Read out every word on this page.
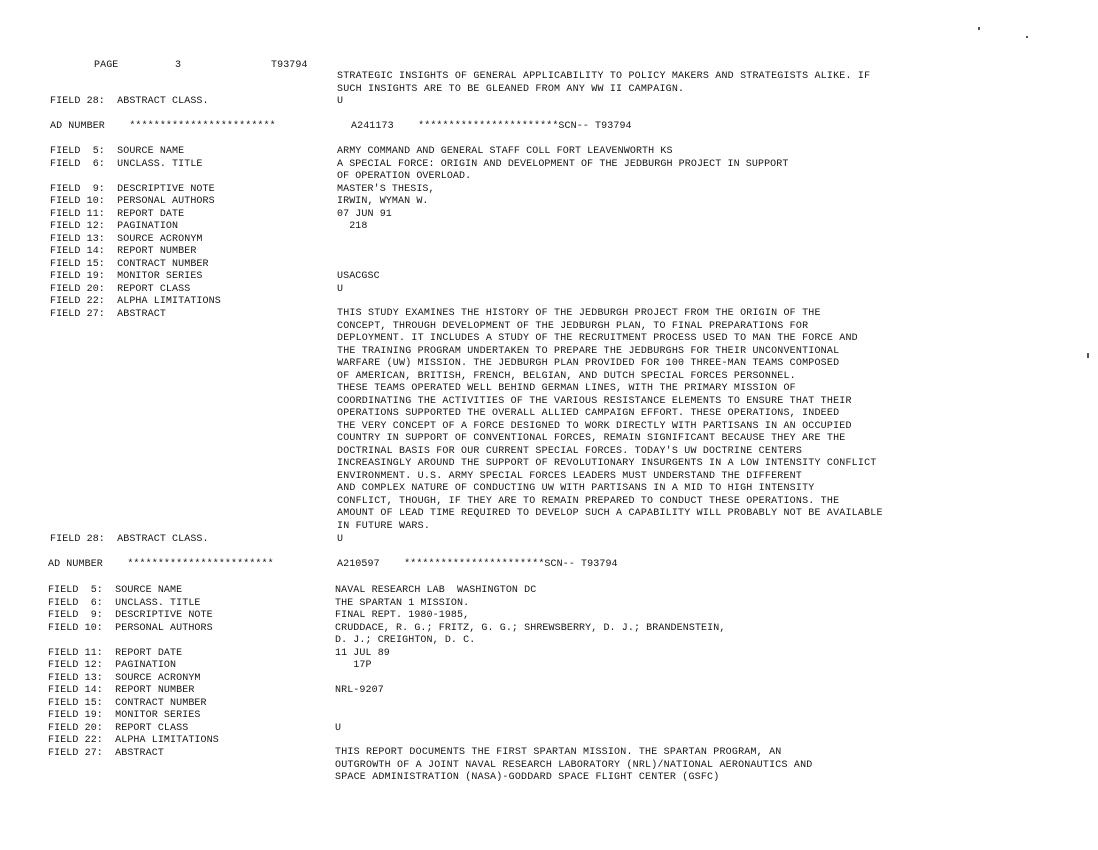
PAGE	3	T93794
STRATEGIC INSIGHTS OF GENERAL APPLICABILITY TO POLICY MAKERS AND STRATEGISTS ALIKE. IF
SUCH INSIGHTS ARE TO BE GLEANED FROM ANY WW II CAMPAIGN.
FIELD 28:  ABSTRACT CLASS.	U
AD NUMBER    ************************	A241173    ***********************SCN-- T93794
FIELD  5:  SOURCE NAME	ARMY COMMAND AND GENERAL STAFF COLL FORT LEAVENWORTH KS
FIELD  6:  UNCLASS. TITLE	A SPECIAL FORCE: ORIGIN AND DEVELOPMENT OF THE JEDBURGH PROJECT IN SUPPORT
OF OPERATION OVERLOAD.
FIELD  9:  DESCRIPTIVE NOTE	MASTER'S THESIS,
FIELD 10:  PERSONAL AUTHORS	IRWIN, WYMAN W.
FIELD 11:  REPORT DATE	07 JUN 91
FIELD 12:  PAGINATION	218
FIELD 13:  SOURCE ACRONYM
FIELD 14:  REPORT NUMBER
FIELD 15:  CONTRACT NUMBER
FIELD 19:  MONITOR SERIES	USACGSC
FIELD 20:  REPORT CLASS	U
FIELD 22:  ALPHA LIMITATIONS
FIELD 27:  ABSTRACT	THIS STUDY EXAMINES THE HISTORY OF THE JEDBURGH PROJECT FROM THE ORIGIN OF THE
CONCEPT, THROUGH DEVELOPMENT OF THE JEDBURGH PLAN, TO FINAL PREPARATIONS FOR
DEPLOYMENT. IT INCLUDES A STUDY OF THE RECRUITMENT PROCESS USED TO MAN THE FORCE AND
THE TRAINING PROGRAM UNDERTAKEN TO PREPARE THE JEDBURGHS FOR THEIR UNCONVENTIONAL
WARFARE (UW) MISSION. THE JEDBURGH PLAN PROVIDED FOR 100 THREE-MAN TEAMS COMPOSED
OF AMERICAN, BRITISH, FRENCH, BELGIAN, AND DUTCH SPECIAL FORCES PERSONNEL.
THESE TEAMS OPERATED WELL BEHIND GERMAN LINES, WITH THE PRIMARY MISSION OF
COORDINATING THE ACTIVITIES OF THE VARIOUS RESISTANCE ELEMENTS TO ENSURE THAT THEIR
OPERATIONS SUPPORTED THE OVERALL ALLIED CAMPAIGN EFFORT. THESE OPERATIONS, INDEED
THE VERY CONCEPT OF A FORCE DESIGNED TO WORK DIRECTLY WITH PARTISANS IN AN OCCUPIED
COUNTRY IN SUPPORT OF CONVENTIONAL FORCES, REMAIN SIGNIFICANT BECAUSE THEY ARE THE
DOCTRINAL BASIS FOR OUR CURRENT SPECIAL FORCES. TODAY'S UW DOCTRINE CENTERS
INCREASINGLY AROUND THE SUPPORT OF REVOLUTIONARY INSURGENTS IN A LOW INTENSITY CONFLICT
ENVIRONMENT. U.S. ARMY SPECIAL FORCES LEADERS MUST UNDERSTAND THE DIFFERENT
AND COMPLEX NATURE OF CONDUCTING UW WITH PARTISANS IN A MID TO HIGH INTENSITY
CONFLICT, THOUGH, IF THEY ARE TO REMAIN PREPARED TO CONDUCT THESE OPERATIONS. THE
AMOUNT OF LEAD TIME REQUIRED TO DEVELOP SUCH A CAPABILITY WILL PROBABLY NOT BE AVAILABLE
IN FUTURE WARS.
FIELD 28:  ABSTRACT CLASS.	U
AD NUMBER    ************************	A210597    ***********************SCN-- T93794
FIELD  5:  SOURCE NAME	NAVAL RESEARCH LAB  WASHINGTON DC
FIELD  6:  UNCLASS. TITLE	THE SPARTAN 1 MISSION.
FIELD  9:  DESCRIPTIVE NOTE	FINAL REPT. 1980-1985,
FIELD 10:  PERSONAL AUTHORS	CRUDDACE, R. G.; FRITZ, G. G.; SHREWSBERRY, D. J.; BRANDENSTEIN,
D. J.; CREIGHTON, D. C.
FIELD 11:  REPORT DATE	11 JUL 89
FIELD 12:  PAGINATION	17P
FIELD 13:  SOURCE ACRONYM
FIELD 14:  REPORT NUMBER	NRL-9207
FIELD 15:  CONTRACT NUMBER
FIELD 19:  MONITOR SERIES
FIELD 20:  REPORT CLASS	U
FIELD 22:  ALPHA LIMITATIONS
FIELD 27:  ABSTRACT	THIS REPORT DOCUMENTS THE FIRST SPARTAN MISSION. THE SPARTAN PROGRAM, AN
OUTGROWTH OF A JOINT NAVAL RESEARCH LABORATORY (NRL)/NATIONAL AERONAUTICS AND
SPACE ADMINISTRATION (NASA)-GODDARD SPACE FLIGHT CENTER (GSFC)
